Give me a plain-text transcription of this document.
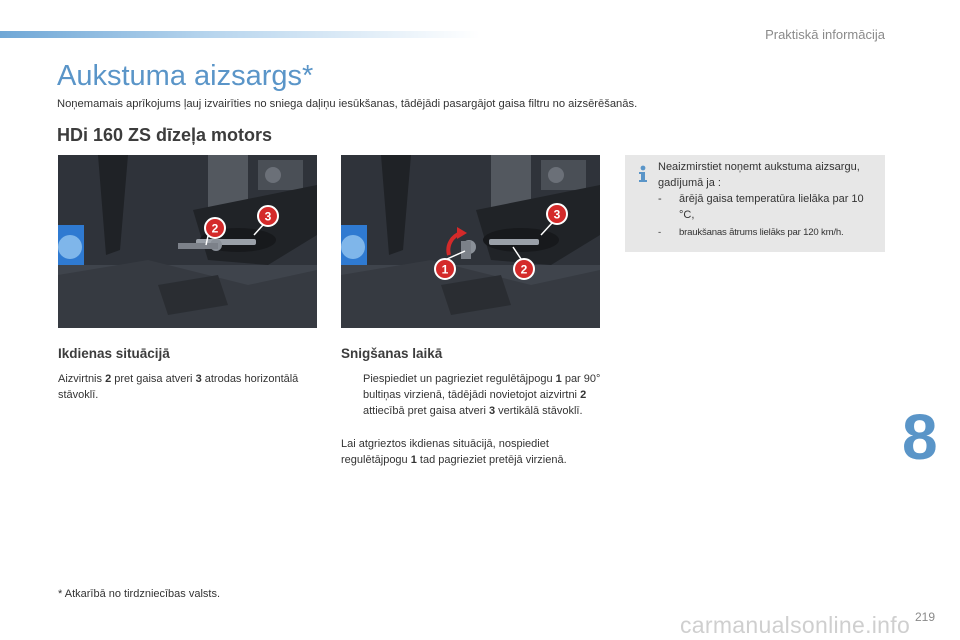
Praktiskā informācija
Aukstuma aizsargs*
Noņemamais aprīkojums ļauj izvairīties no sniega daļiņu iesūkšanas, tādējādi pasargājot gaisa filtru no aizsērēšanās.
HDi 160 ZS dīzeļa motors
2
3
1	2
3
Neaizmirstiet noņemt aukstuma aizsargu, gadījumā ja :
-	ārējā gaisa temperatūra lielāka par 10 °C,
-	braukšanas ātrums lielāks par 120 km/h.
Ikdienas situācijā
Aizvirtnis 2 pret gaisa atveri 3 atrodas horizontālā stāvoklī.
Snigšanas laikā
Piespiediet un pagrieziet regulētājpogu 1 par 90° bultiņas virzienā, tādējādi novietojot aizvirtni 2 attiecībā pret gaisa atveri 3 vertikālā stāvoklī.
Lai atgrieztos ikdienas situācijā, nospiediet regulētājpogu 1 tad pagrieziet pretējā virzienā.	8
* Atkarībā no tirdzniecības valsts.
carmanualsonline.info 219
